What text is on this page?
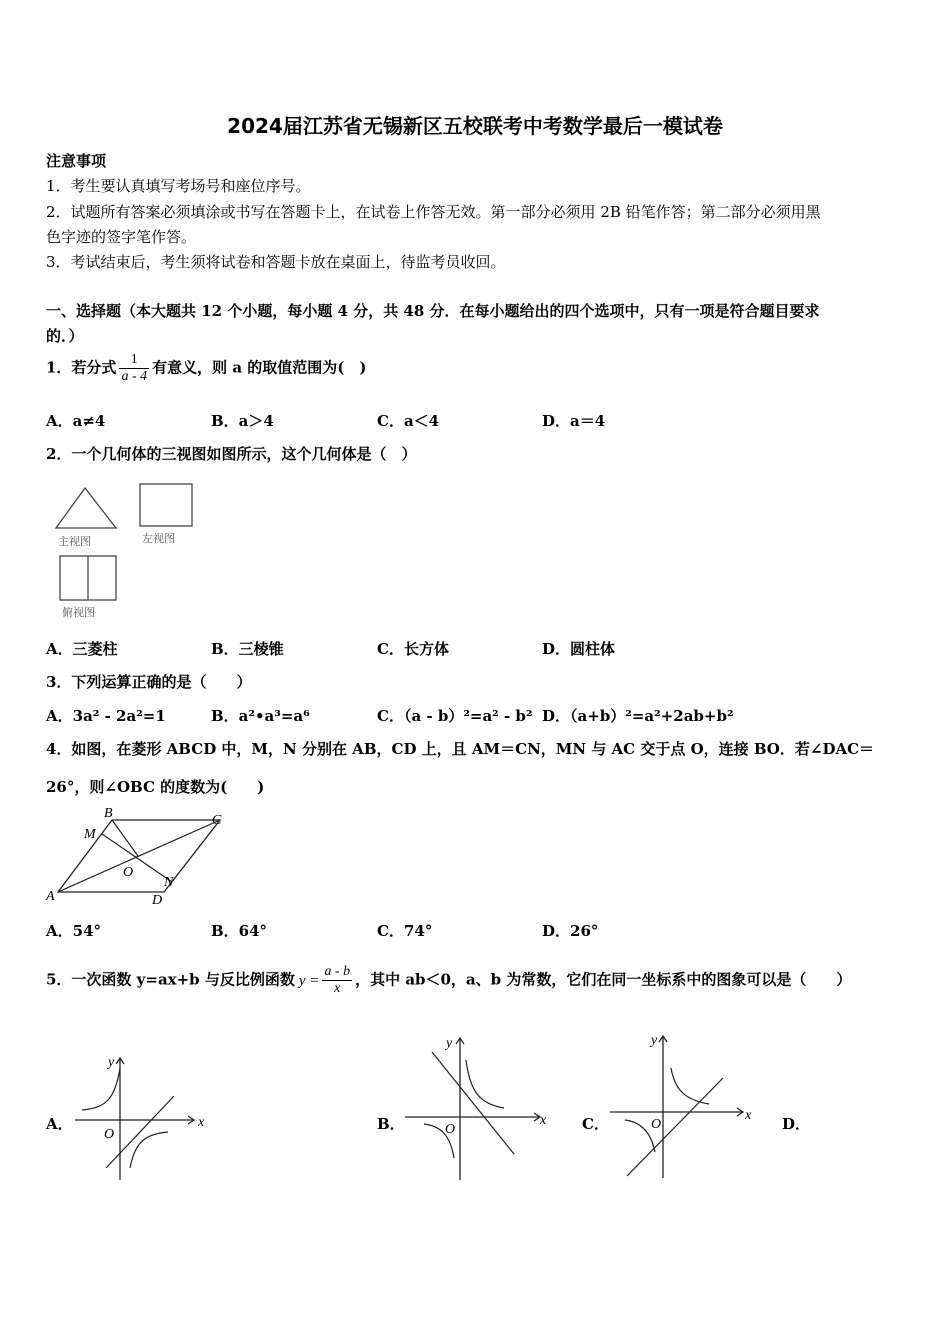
2024届江苏省无锡新区五校联考中考数学最后一模试卷
注意事项
1．考生要认真填写考场号和座位序号。
2．试题所有答案必须填涂或书写在答题卡上，在试卷上作答无效。第一部分必须用 2B 铅笔作答；第二部分必须用黑
色字迹的签字笔作答。
3．考试结束后，考生须将试卷和答题卡放在桌面上，待监考员收回。
一、选择题（本大题共 12 个小题，每小题 4 分，共 48 分．在每小题给出的四个选项中，只有一项是符合题目要求
的．）
1．若分式 $\frac{1}{a - 4}$ 有意义，则 a 的取值范围为(　)
A．a≠4	B．a＞4	C．a＜4	D．a＝4
2．一个几何体的三视图如图所示，这个几何体是（　）
主视图	左视图
俯视图
A．三菱柱	B．三棱锥	C．长方体	D．圆柱体
3．下列运算正确的是（　　）
A．3a² - 2a²=1	B．a²•a³=a⁶	C．（a - b）²=a² - b² D．（a+b）²=a²+2ab+b²
4．如图，在菱形 ABCD 中，M，N 分别在 AB，CD 上，且 AM＝CN，MN 与 AC 交于点 O，连接 BO．若∠DAC＝
26°，则∠OBC 的度数为(　　)
A
B	C
D
M
N
O
A．54°	B．64°	C．74°	D．26°
5．一次函数 y=ax+b 与反比例函数 $y = \frac{a - b}{x}$ ，其中 ab＜0，a、b 为常数，它们在同一坐标系中的图象可以是（　　）
A．	x
y
O
B．	x
y
O	C．	x
y
O	D．
